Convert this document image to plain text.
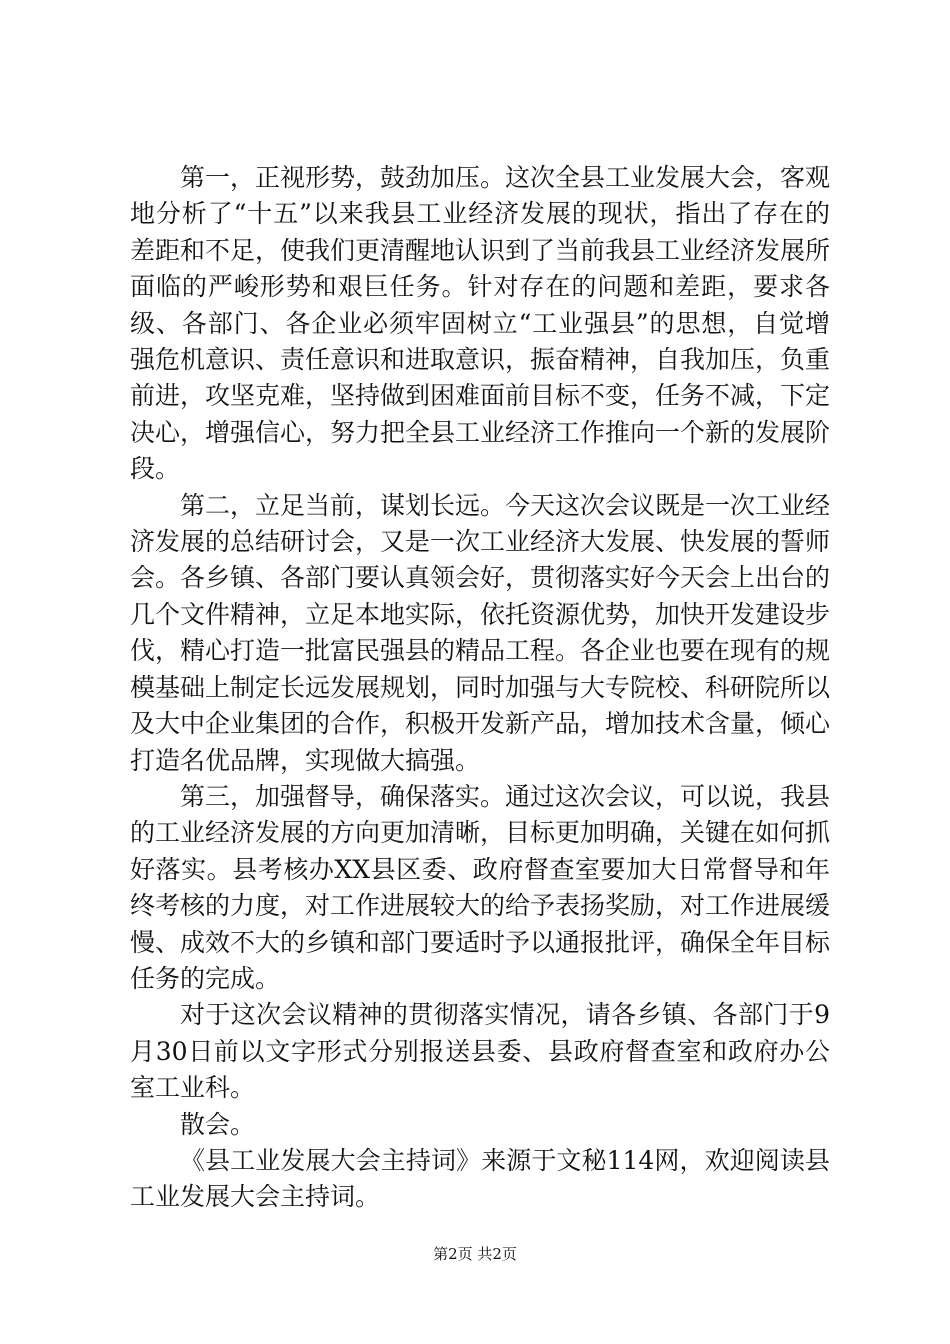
第一，正视形势，鼓劲加压。这次全县工业发展大会，客观地分析了“十五”以来我县工业经济发展的现状，指出了存在的差距和不足，使我们更清醒地认识到了当前我县工业经济发展所面临的严峻形势和艰巨任务。针对存在的问题和差距，要求各级、各部门、各企业必须牢固树立“工业强县”的思想，自觉增强危机意识、责任意识和进取意识，振奋精神，自我加压，负重前进，攻坚克难，坚持做到困难面前目标不变，任务不减，下定决心，增强信心，努力把全县工业经济工作推向一个新的发展阶段。

第二，立足当前，谋划长远。今天这次会议既是一次工业经济发展的总结研讨会，又是一次工业经济大发展、快发展的誓师会。各乡镇、各部门要认真领会好，贯彻落实好今天会上出台的几个文件精神，立足本地实际，依托资源优势，加快开发建设步伐，精心打造一批富民强县的精品工程。各企业也要在现有的规模基础上制定长远发展规划，同时加强与大专院校、科研院所以及大中企业集团的合作，积极开发新产品，增加技术含量，倾心打造名优品牌，实现做大搞强。

第三，加强督导，确保落实。通过这次会议，可以说，我县的工业经济发展的方向更加清晰，目标更加明确，关键在如何抓好落实。县考核办XX县区委、政府督查室要加大日常督导和年终考核的力度，对工作进展较大的给予表扬奖励，对工作进展缓慢、成效不大的乡镇和部门要适时予以通报批评，确保全年目标任务的完成。

对于这次会议精神的贯彻落实情况，请各乡镇、各部门于9月30日前以文字形式分别报送县委、县政府督查室和政府办公室工业科。

散会。

《县工业发展大会主持词》来源于文秘114网，欢迎阅读县工业发展大会主持词。

第2页 共2页
